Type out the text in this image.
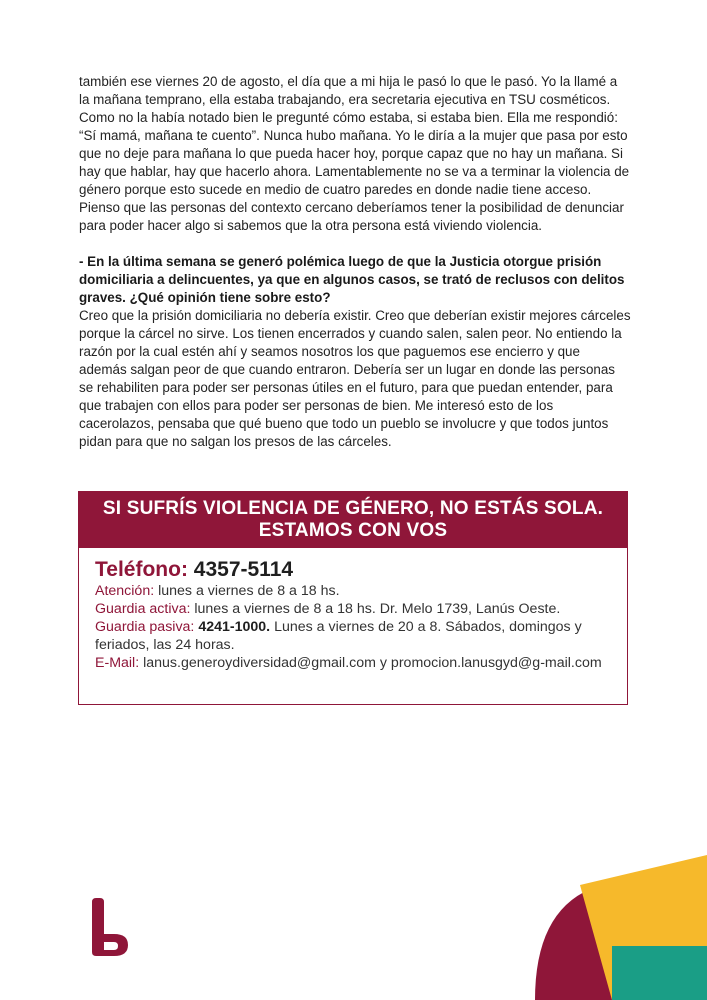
también ese viernes 20 de agosto, el día que a mi hija le pasó lo que le pasó. Yo la llamé a la mañana temprano, ella estaba trabajando, era secretaria ejecutiva en TSU cosméticos. Como no la había notado bien le pregunté cómo estaba, si estaba bien. Ella me respondió: “Sí mamá, mañana te cuento”. Nunca hubo mañana. Yo le diría a la mujer que pasa por esto que no deje para mañana lo que pueda hacer hoy, porque capaz que no hay un mañana. Si hay que hablar, hay que hacerlo ahora. Lamentablemente no se va a terminar la violencia de género porque esto sucede en medio de cuatro paredes en donde nadie tiene acceso. Pienso que las personas del contexto cercano deberíamos tener la posibilidad de denunciar para poder hacer algo si sabemos que la otra persona está viviendo violencia.

- En la última semana se generó polémica luego de que la Justicia otorgue prisión domiciliaria a delincuentes, ya que en algunos casos, se trató de reclusos con delitos graves. ¿Qué opinión tiene sobre esto?

Creo que la prisión domiciliaria no debería existir. Creo que deberían existir mejores cárceles porque la cárcel no sirve. Los tienen encerrados y cuando salen, salen peor. No entiendo la razón por la cual estén ahí y seamos nosotros los que paguemos ese encierro y que además salgan peor de que cuando entraron. Debería ser un lugar en donde las personas se rehabiliten para poder ser personas útiles en el futuro, para que puedan entender, para que trabajen con ellos para poder ser personas de bien. Me interesó esto de los cacerolazos, pensaba que qué bueno que todo un pueblo se involucre y que todos juntos pidan para que no salgan los presos de las cárceles.

SI SUFRÍS VIOLENCIA DE GÉNERO, NO ESTÁS SOLA.
ESTAMOS CON VOS
Teléfono: 4357-5114

Atención: lunes a viernes de 8 a 18 hs.

Guardia activa: lunes a viernes de 8 a 18 hs. Dr. Melo 1739, Lanús Oeste.

Guardia pasiva: 4241-1000. Lunes a viernes de 20 a 8. Sábados, domingos y feriados, las 24 horas.

E-Mail: lanus.generoydiversidad@gmail.com y promocion.lanusgyd@g-mail.com
